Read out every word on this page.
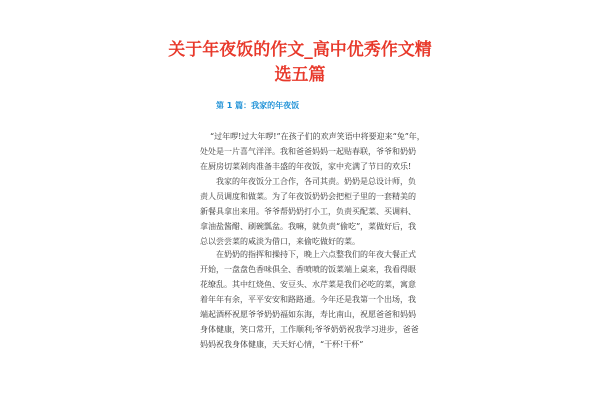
关于年夜饭的作文_高中优秀作文精
选五篇
第 1 篇：我家的年夜饭

“过年啰!过大年啰!”在孩子们的欢声笑语中将要迎来“兔”年，
处处是一片喜气洋洋。我和爸爸妈妈一起贴春联，爷爷和奶奶
在厨房切菜剁肉准备丰盛的年夜饭，家中充满了节日的欢乐!

我家的年夜饭分工合作，各司其责。奶奶是总设计师，负
责人员调度和做菜。为了年夜饭奶奶会把柜子里的一套精美的
新餐具拿出来用。爷爷帮奶奶打小工，负责买配菜、买调料、
拿油盐酱醋、刷碗瓢盆。我嘛，就负责“偷吃”，菜做好后，我
总以尝尝菜的咸淡为借口，来偷吃做好的菜。

在奶奶的指挥和操持下，晚上六点整我们的年夜大餐正式
开始，一盘盘色香味俱全、香喷喷的饭菜端上桌来，我看得眼
花缭乱。其中红烧鱼、安豆头、水芹菜是我们必吃的菜，寓意
着年年有余，平平安安和路路通。今年还是我第一个出场，我
端起酒杯祝愿爷爷奶奶福如东海，寿比南山，祝愿爸爸和妈妈
身体健康，笑口常开，工作顺利;爷爷奶奶祝我学习进步，爸爸
妈妈祝我身体健康，天天好心情，“干杯!干杯”
